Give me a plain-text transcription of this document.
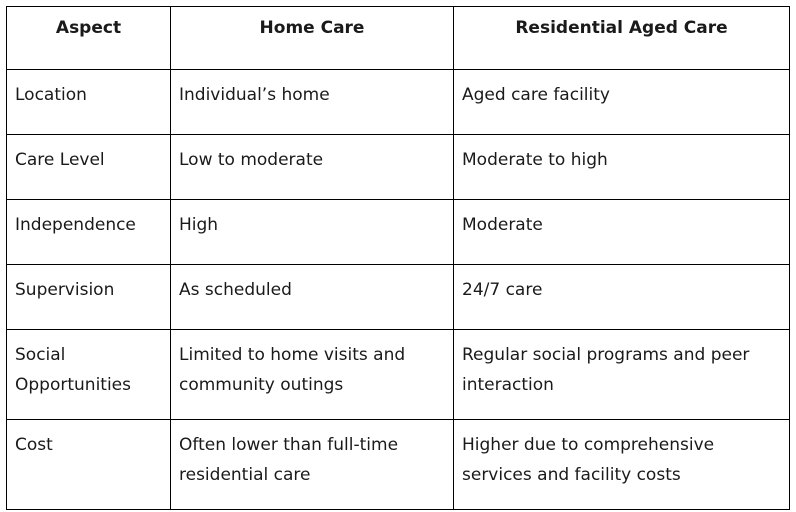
Aspect	Home Care	Residential Aged Care
Location	Individual’s home	Aged care facility
Care Level	Low to moderate	Moderate to high
Independence	High	Moderate
Supervision	As scheduled	24/7 care
Social Opportunities	Limited to home visits and community outings	Regular social programs and peer interaction
Cost	Often lower than full-time residential care	Higher due to comprehensive services and facility costs
